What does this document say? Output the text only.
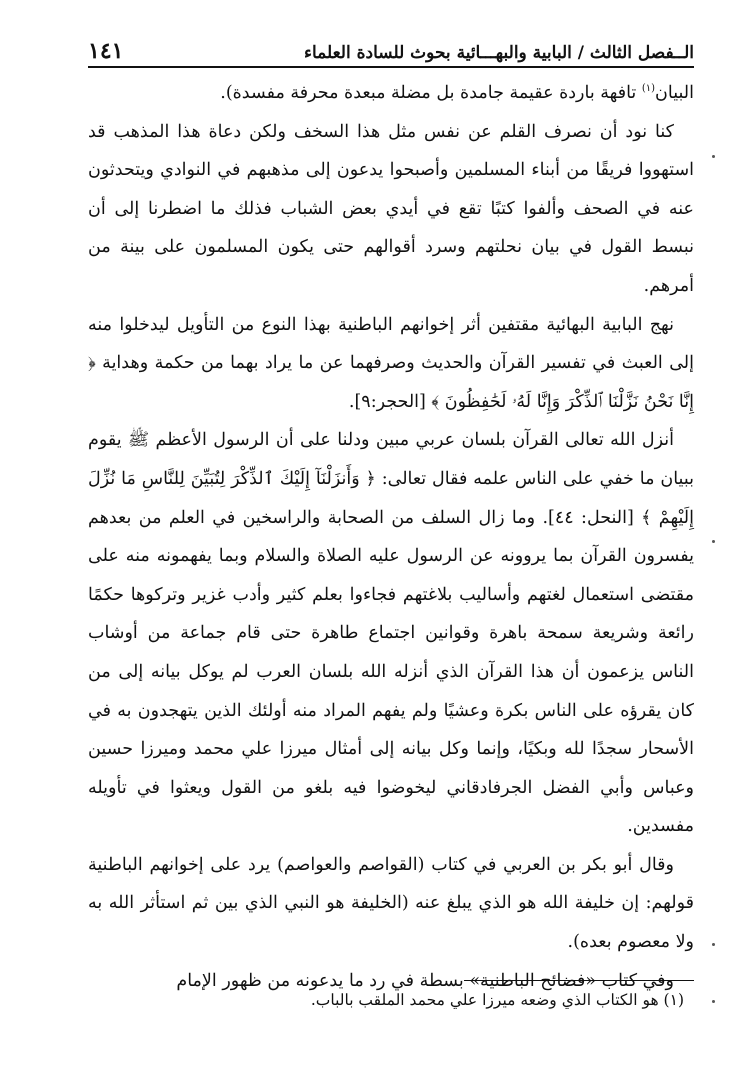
الــفصل الثالث / البابية والبهـــائية بحوث للسادة العلماء
١٤١

البيان$^{(١)}$ تافهة باردة عقيمة جامدة بل مضلة مبعدة محرفة مفسدة).

كنا نود أن نصرف القلم عن نفس مثل هذا السخف ولكن دعاة هذا المذهب قد استهووا فريقًا من أبناء المسلمين وأصبحوا يدعون إلى مذهبهم في النوادي ويتحدثون عنه في الصحف وألفوا كتبًا تقع في أيدي بعض الشباب فذلك ما اضطرنا إلى أن نبسط القول في بيان نحلتهم وسرد أقوالهم حتى يكون المسلمون على بينة من أمرهم.

نهج البابية البهائية مقتفين أثر إخوانهم الباطنية بهذا النوع من التأويل ليدخلوا منه إلى العبث في تفسير القرآن والحديث وصرفهما عن ما يراد بهما من حكمة وهداية ﴿ إِنَّا نَحْنُ نَزَّلْنَا ٱلذِّكْرَ وَإِنَّا لَهُۥ لَحَٰفِظُونَ ﴾ [الحجر:٩].

أنزل الله تعالى القرآن بلسان عربي مبين ودلنا على أن الرسول الأعظم ﷺ يقوم ببيان ما خفي على الناس علمه فقال تعالى: ﴿ وَأَنزَلْنَآ إِلَيْكَ ٱلذِّكْرَ لِتُبَيِّنَ لِلنَّاسِ مَا نُزِّلَ إِلَيْهِمْ ﴾ [النحل: ٤٤]. وما زال السلف من الصحابة والراسخين في العلم من بعدهم يفسرون القرآن بما يروونه عن الرسول عليه الصلاة والسلام وبما يفهمونه منه على مقتضى استعمال لغتهم وأساليب بلاغتهم فجاءوا بعلم كثير وأدب غزير وتركوها حكمًا رائعة وشريعة سمحة باهرة وقوانين اجتماع طاهرة حتى قام جماعة من أوشاب الناس يزعمون أن هذا القرآن الذي أنزله الله بلسان العرب لم يوكل بيانه إلى من كان يقرؤه على الناس بكرة وعشيًا ولم يفهم المراد منه أولئك الذين يتهجدون به في الأسحار سجدًا لله وبكيًا، وإنما وكل بيانه إلى أمثال ميرزا علي محمد وميرزا حسين وعباس وأبي الفضل الجرفادقاني ليخوضوا فيه بلغو من القول ويعثوا في تأويله مفسدين.

وقال أبو بكر بن العربي في كتاب (القواصم والعواصم) يرد على إخوانهم الباطنية قولهم: إن خليفة الله هو الذي يبلغ عنه (الخليفة هو النبي الذي بين ثم استأثر الله به ولا معصوم بعده).

وفي كتاب «فضائح الباطنية» بسطة في رد ما يدعونه من ظهور الإمام

(١) هو الكتاب الذي وضعه ميرزا علي محمد الملقب بالباب.
